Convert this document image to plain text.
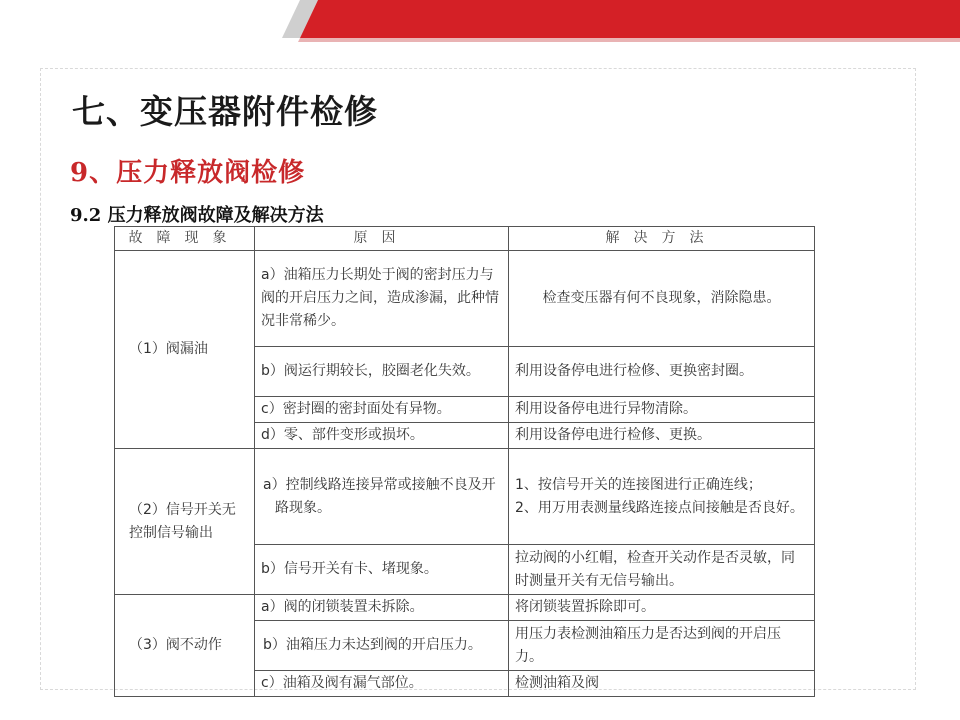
七、变压器附件检修
9、压力释放阀检修
9.2 压力释放阀故障及解决方法
故障现象	原因	解决方法
（1）阀漏油	a）油箱压力长期处于阀的密封压力与阀的开启压力之间，造成渗漏，此种情况非常稀少。	检查变压器有何不良现象，消除隐患。
	b）阀运行期较长，胶圈老化失效。	利用设备停电进行检修、更换密封圈。
	c）密封圈的密封面处有异物。	利用设备停电进行异物清除。
	d）零、部件变形或损坏。	利用设备停电进行检修、更换。
（2）信号开关无控制信号输出	a）控制线路连接异常或接触不良及开路现象。	1、按信号开关的连接图进行正确连线；
2、用万用表测量线路连接点间接触是否良好。

	b）信号开关有卡、堵现象。	拉动阀的小红帽，检查开关动作是否灵敏，同时测量开关有无信号输出。
（3）阀不动作	a）阀的闭锁装置未拆除。	将闭锁装置拆除即可。
	b）油箱压力未达到阀的开启压力。	用压力表检测油箱压力是否达到阀的开启压力。
	c）油箱及阀有漏气部位。	检测油箱及阀
